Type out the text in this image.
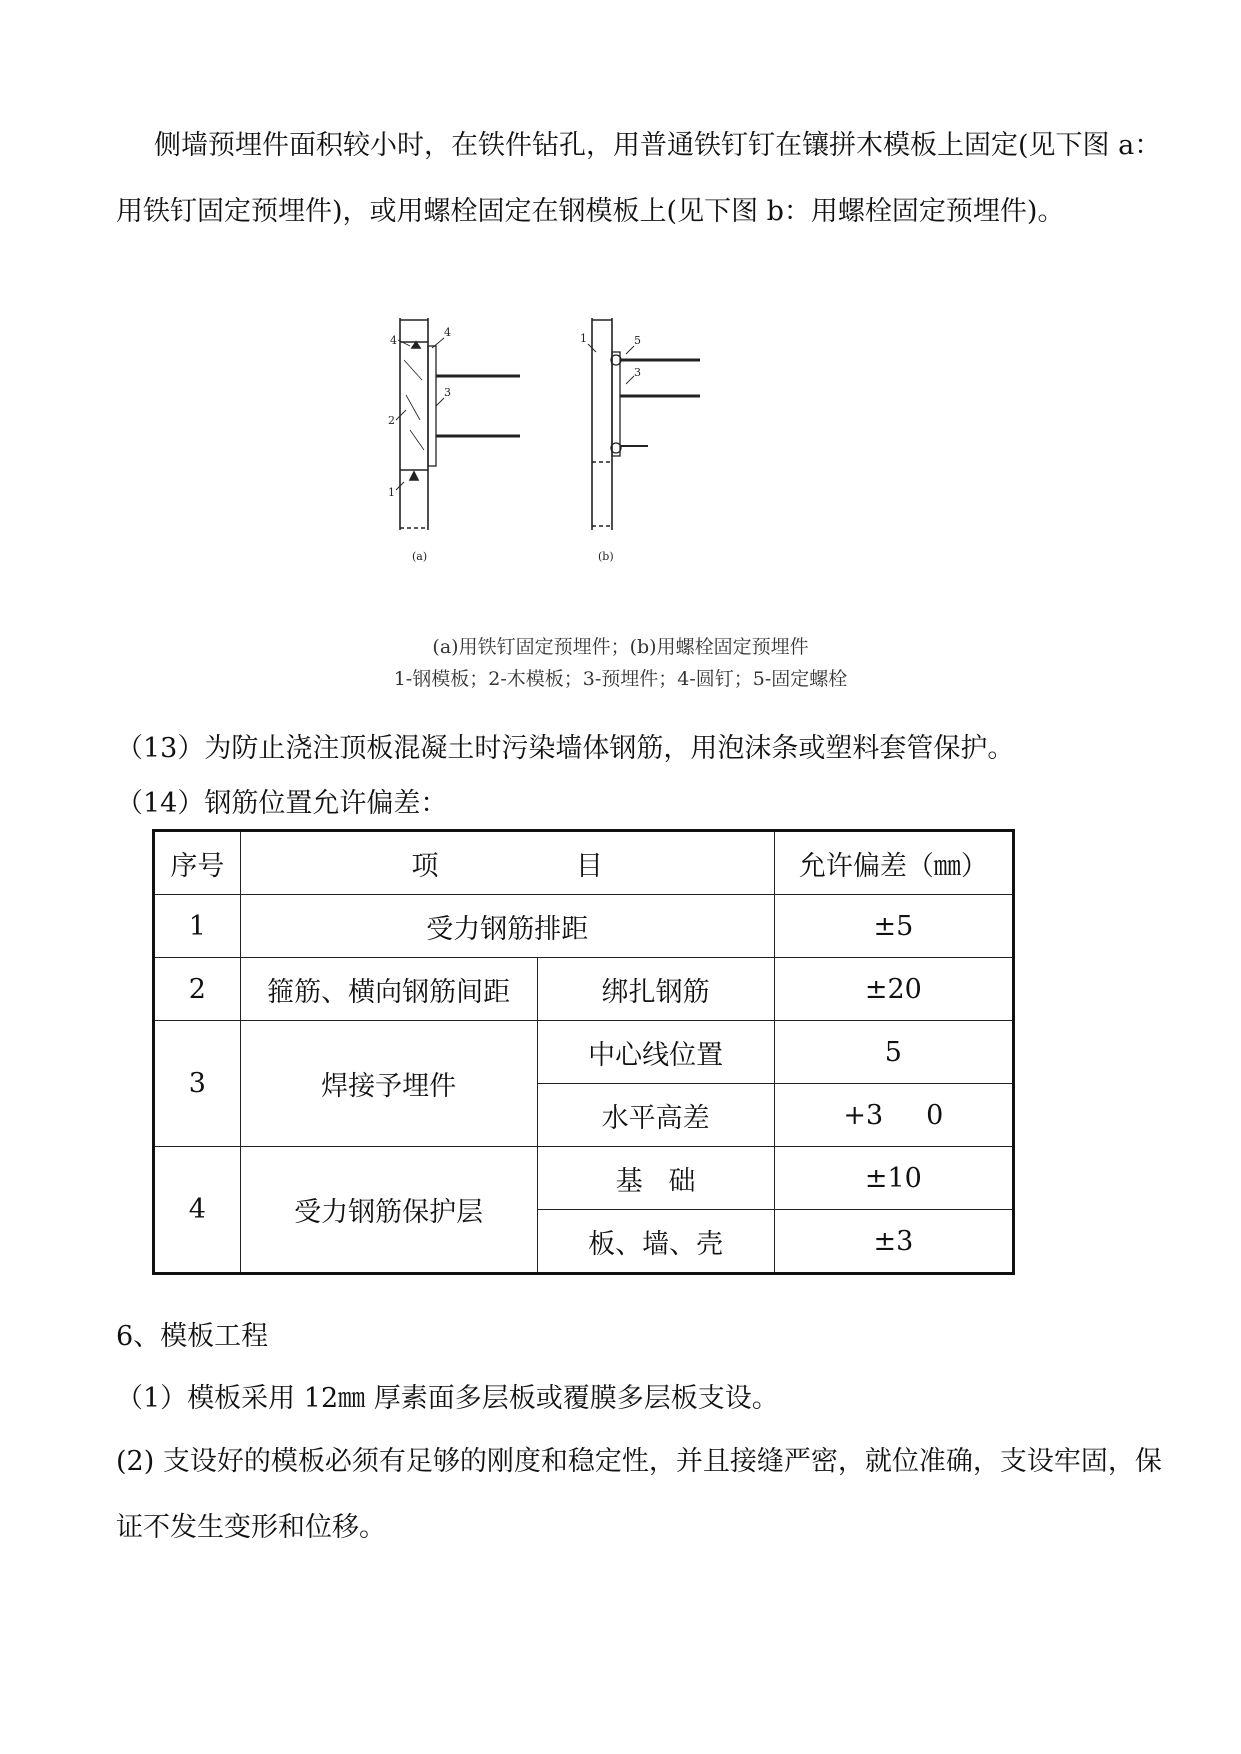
侧墙预埋件面积较小时，在铁件钻孔，用普通铁钉钉在镶拼木模板上固定(见下图 a：用铁钉固定预埋件)，或用螺栓固定在钢模板上(见下图 b：用螺栓固定预埋件)。

4
4
2
3
1
(a)
1	5
3
(b)
(a)用铁钉固定预埋件；(b)用螺栓固定预埋件
1-钢模板；2-木模板；3-预埋件；4-圆钉；5-固定螺栓

（13）为防止浇注顶板混凝土时污染墙体钢筋，用泡沫条或塑料套管保护。

（14）钢筋位置允许偏差：

序号	项                目		允许偏差（㎜）
1	受力钢筋排距		±5
2	箍筋、横向钢筋间距	绑扎钢筋	±20
3	焊接予埋件	中心线位置	5
		水平高差	+3     0
4	受力钢筋保护层	基   础	±10
		板、墙、壳	±3

6、模板工程

（1）模板采用 12㎜ 厚素面多层板或覆膜多层板支设。

(2) 支设好的模板必须有足够的刚度和稳定性，并且接缝严密，就位准确，支设牢固，保证不发生变形和位移。
